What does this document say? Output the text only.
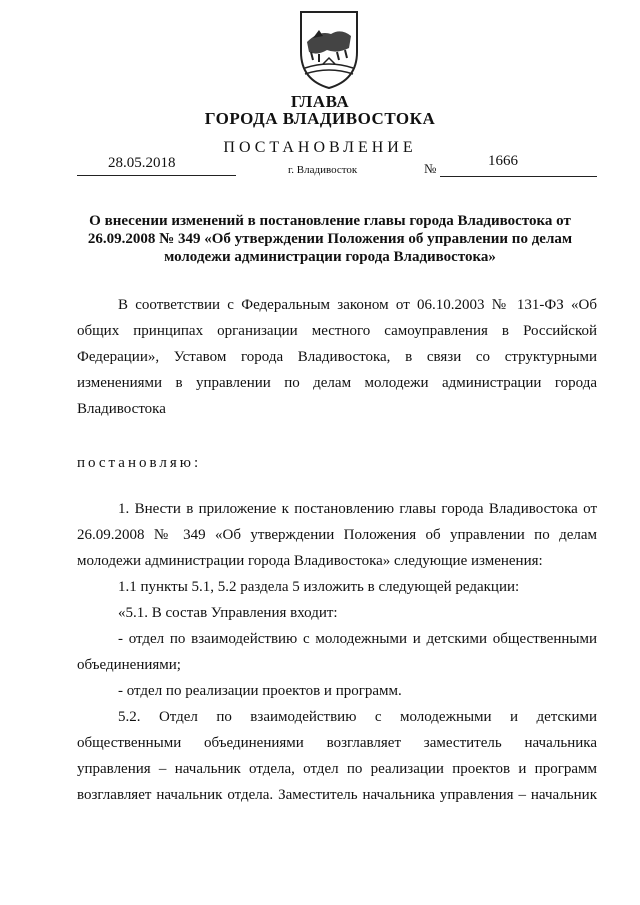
ГЛАВА
ГОРОДА ВЛАДИВОСТОКА
ПОСТАНОВЛЕНИЕ
28.05.2018	г. Владивосток	№	1666
О внесении изменений в постановление главы города Владивостока от
26.09.2008 № 349 «Об утверждении Положения об управлении по делам
молодежи администрации города Владивостока»

В соответствии с Федеральным законом от 06.10.2003 № 131-ФЗ «Об общих принципах организации местного самоуправления в Российской Федерации», Уставом города Владивостока, в связи со структурными изменениями в управлении по делам молодежи администрации города Владивостока

постановляю:

1. Внести в приложение к постановлению главы города Владивостока от 26.09.2008 № 349 «Об утверждении Положения об управлении по делам молодежи администрации города Владивостока» следующие изменения:

1.1 пункты 5.1, 5.2 раздела 5 изложить в следующей редакции:

«5.1. В состав Управления входит:

- отдел по взаимодействию с молодежными и детскими общественными объединениями;

- отдел по реализации проектов и программ.

5.2. Отдел по взаимодействию с молодежными и детскими общественными объединениями возглавляет заместитель начальника управления – начальник отдела, отдел по реализации проектов и программ возглавляет начальник отдела. Заместитель начальника управления – начальник
